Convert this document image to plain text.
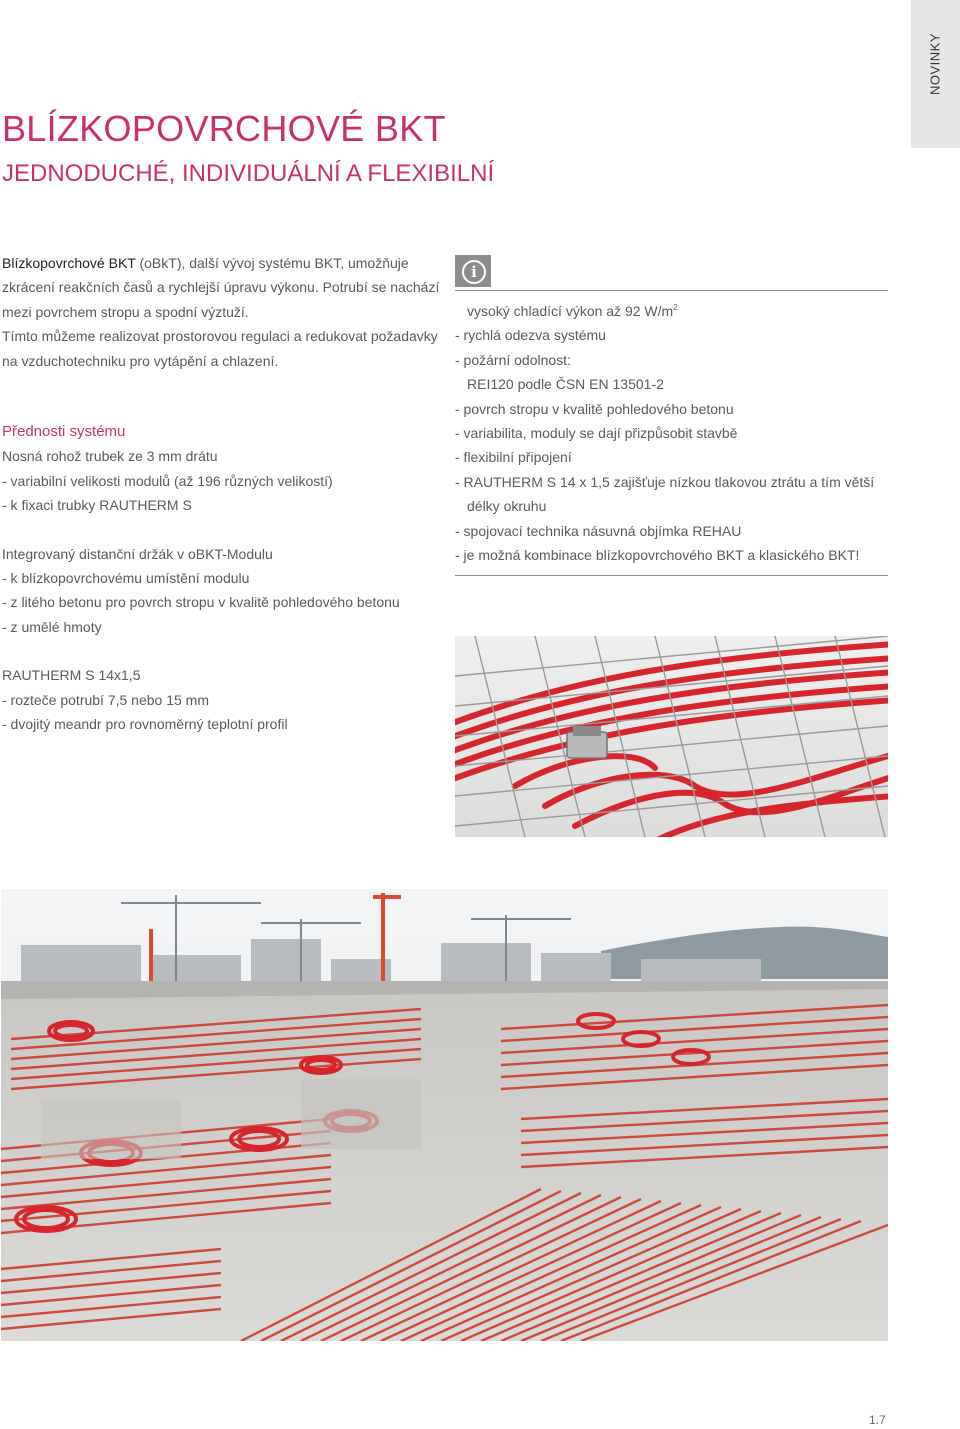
NOVINKY
BLÍZKOPOVRCHOVÉ BKT
JEDNODUCHÉ, INDIVIDUÁLNÍ A FLEXIBILNÍ
Blízkopovrchové BKT (oBkT), další vývoj systému BKT, umožňuje
zkrácení reakčních časů a rychlejší úpravu výkonu. Potrubí se nachází
mezi povrchem stropu a spodní výztuží.
Tímto můžeme realizovat prostorovou regulaci a redukovat požadavky
na vzduchotechniku pro vytápění a chlazení.
Přednosti systému
Nosná rohož trubek ze 3 mm drátu
- variabilní velikosti modulů (až 196 různých velikostí)
- k fixaci trubky RAUTHERM S
Integrovaný distanční držák v oBKT-Modulu
- k blízkopovrchovému umístění modulu
- z litého betonu pro povrch stropu v kvalitě pohledového betonu
- z umělé hmoty
RAUTHERM S 14x1,5
- rozteče potrubí 7,5 nebo 15 mm
- dvojitý meandr pro rovnoměrný teplotní profil
i
vysoký chladící výkon až 92 $W/m^2$
- rychlá odezva systému
- požární odolnost:
REI120 podle ČSN EN 13501-2
- povrch stropu v kvalitě pohledového betonu
- variabilita, moduly se dají přizpůsobit stavbě
- flexibilní připojení
- RAUTHERM S 14 x 1,5 zajišťuje nízkou tlakovou ztrátu a tím větší
délky okruhu
- spojovací technika násuvná objímka REHAU
- je možná kombinace blízkopovrchového BKT a klasického BKT!
1.7
